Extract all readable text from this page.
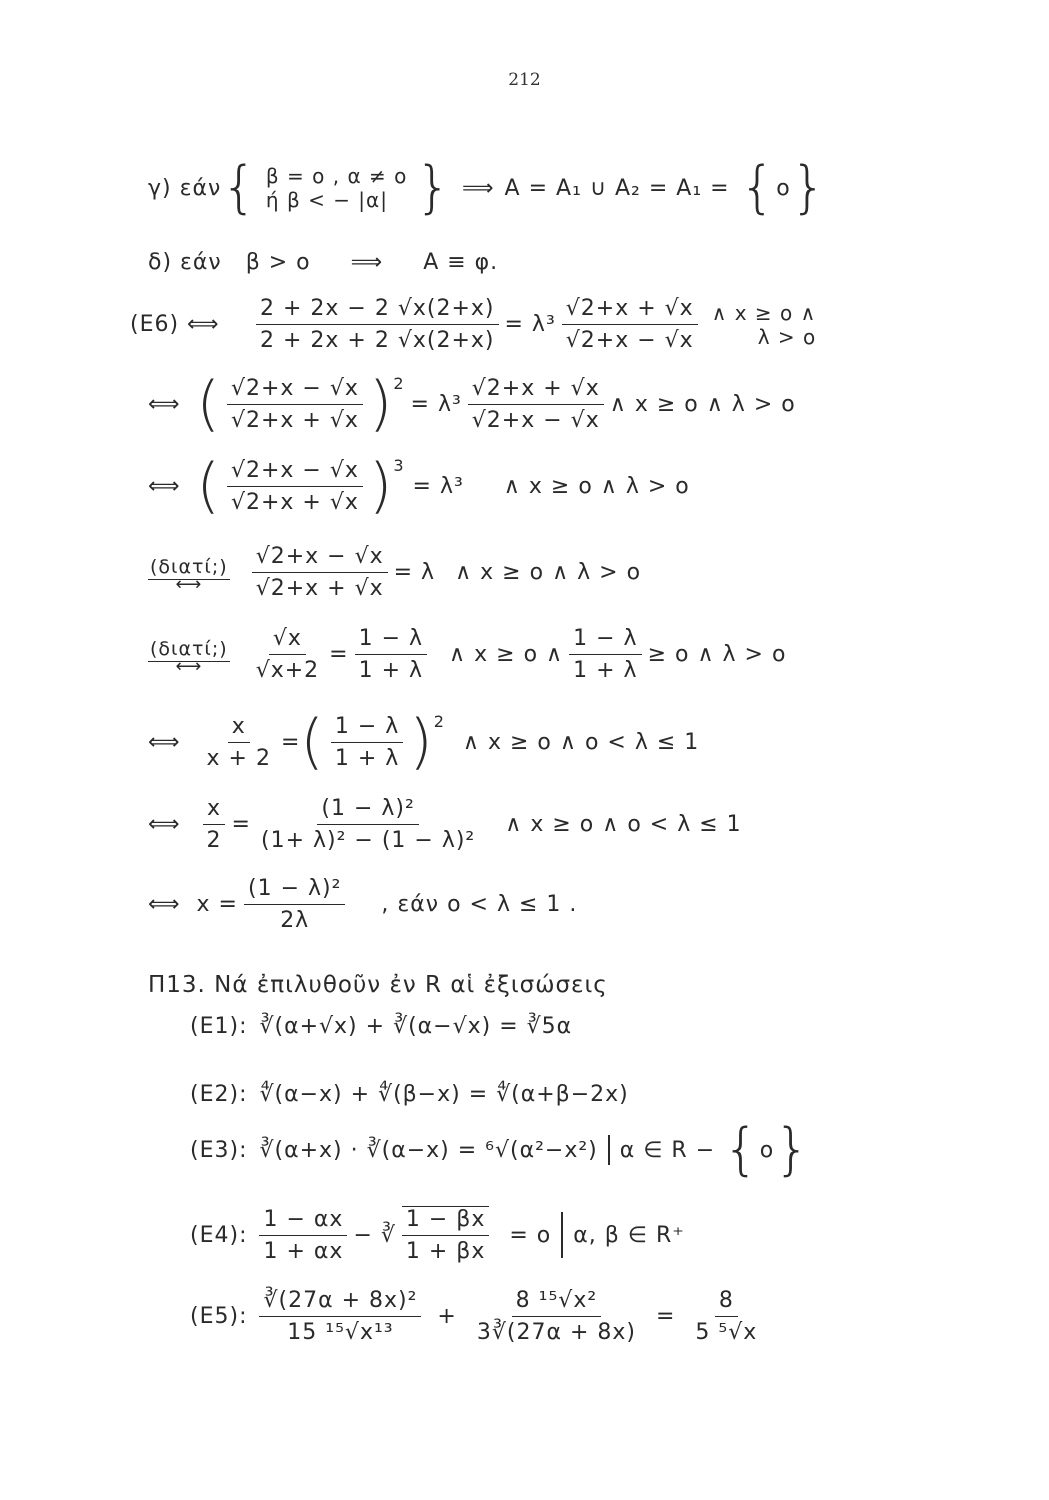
212
γ) εάν { β = ο , α ≠ ο
ή β < − |α| } ⟹ A = A₁ ∪ A₂ = A₁ = { ο }
δ) εάν β > ο ⟹ A ≡ φ.
(E6) ⟺	$\frac{2 + 2x - 2 √x(2+x)}{2 + 2x + 2 √x(2+x)} = \lambda^3 \frac{√2+x + √x}{√2+x - √x}$ ∧ x ≥ ο ∧
λ > ο
⟺ ( $\frac{√2+x - √x}{√2+x + √x} )^2$
= $\lambda^3 \frac{√2+x + √x}{√2+x - √x}$ ∧ x ≥ ο ∧ λ > ο
⟺ ( $\frac{√2+x - √x}{√2+x + √x} )^3$
= λ³ ∧ x ≥ ο ∧ λ > ο
(διατί;)
⟷ $\frac{√2+x - √x}{√2+x + √x} = \lambda$ ∧ x ≥ ο ∧ λ > ο
(διατί;)
⟷ $\frac{√x}{√x+2} = \frac{1 - \lambda}{1 + \lambda}$ ∧ x ≥ ο ∧ $\frac{1 - \lambda}{1 + \lambda} \ge o$ ∧ λ > ο
⟺ $\frac{x}{x + 2}$ = ( $\frac{1 - \lambda}{1 + \lambda} )^2$
∧ x ≥ ο ∧ ο < λ ≤ 1
⟺ $\frac{x}{2} = \frac{\text{(1 − λ)²}}{\text{(1+ λ)² − (1 − λ)²}}$ ∧ x ≥ ο ∧ ο < λ ≤ 1
⟺ $x = \frac{\text{(1 − λ)²}}{2\lambda}$ , εάν ο < λ ≤ 1 .
Π13. Νά ἐπιλυθοῦν ἐν R αἱ ἐξισώσεις
(E1): ∛(α+√x) + ∛(α−√x) = ∛5α
(E2): ∜(α−x) + ∜(β−x) = ∜(α+β−2x)
(E3): ∛(α+x) · ∛(α−x) = ⁶√(α²−x²) α ∈ R − { ο }
(E4): $\frac{1 - \alpha x}{1 + \alpha x}$ − ∛ $\frac{1 - \beta x}{1 + \beta x} = o$ α, β ∈ R⁺
(E5): $\frac{\text{∛(27α + 8x)²}}{\text{15 ¹⁵√x¹³}} + \frac{\text{8 ¹⁵√x²}}{3∛(27\alpha + 8x)} = \frac{8}{\text{5 ⁵√x}}$
